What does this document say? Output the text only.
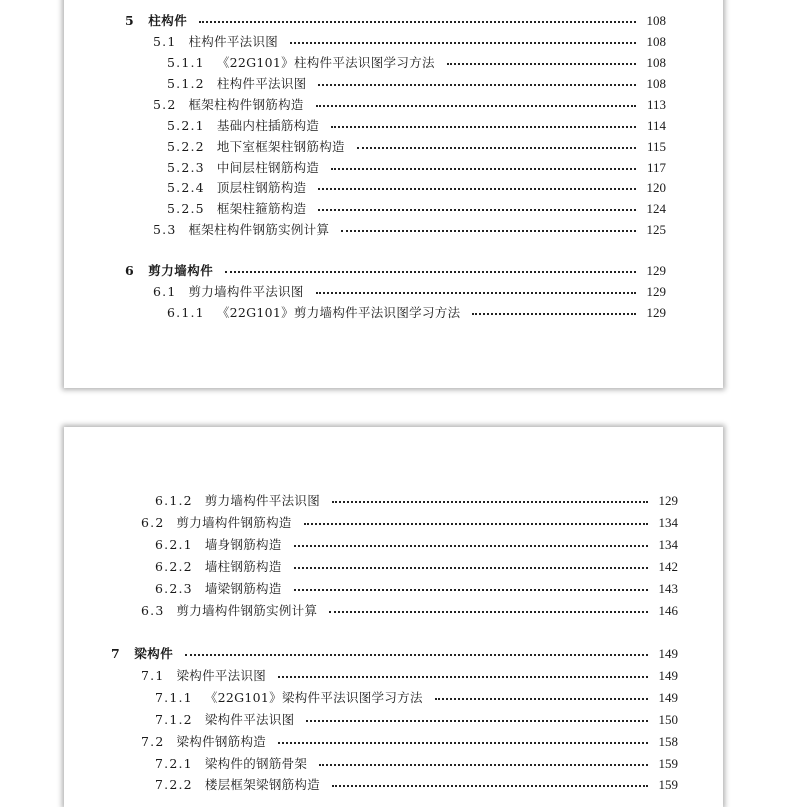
5 柱构件	108
5.1 柱构件平法识图	108
5.1.1 《22G101》柱构件平法识图学习方法	108
5.1.2 柱构件平法识图	108
5.2 框架柱构件钢筋构造	113
5.2.1 基础内柱插筋构造	114
5.2.2 地下室框架柱钢筋构造	115
5.2.3 中间层柱钢筋构造	117
5.2.4 顶层柱钢筋构造	120
5.2.5 框架柱箍筋构造	124
5.3 框架柱构件钢筋实例计算	125
6 剪力墙构件	129
6.1 剪力墙构件平法识图	129
6.1.1 《22G101》剪力墙构件平法识图学习方法	129
6.1.2 剪力墙构件平法识图	129
6.2 剪力墙构件钢筋构造	134
6.2.1 墙身钢筋构造	134
6.2.2 墙柱钢筋构造	142
6.2.3 墙梁钢筋构造	143
6.3 剪力墙构件钢筋实例计算	146
7 梁构件	149
7.1 梁构件平法识图	149
7.1.1 《22G101》梁构件平法识图学习方法	149
7.1.2 梁构件平法识图	150
7.2 梁构件钢筋构造	158
7.2.1 梁构件的钢筋骨架	159
7.2.2 楼层框架梁钢筋构造	159
